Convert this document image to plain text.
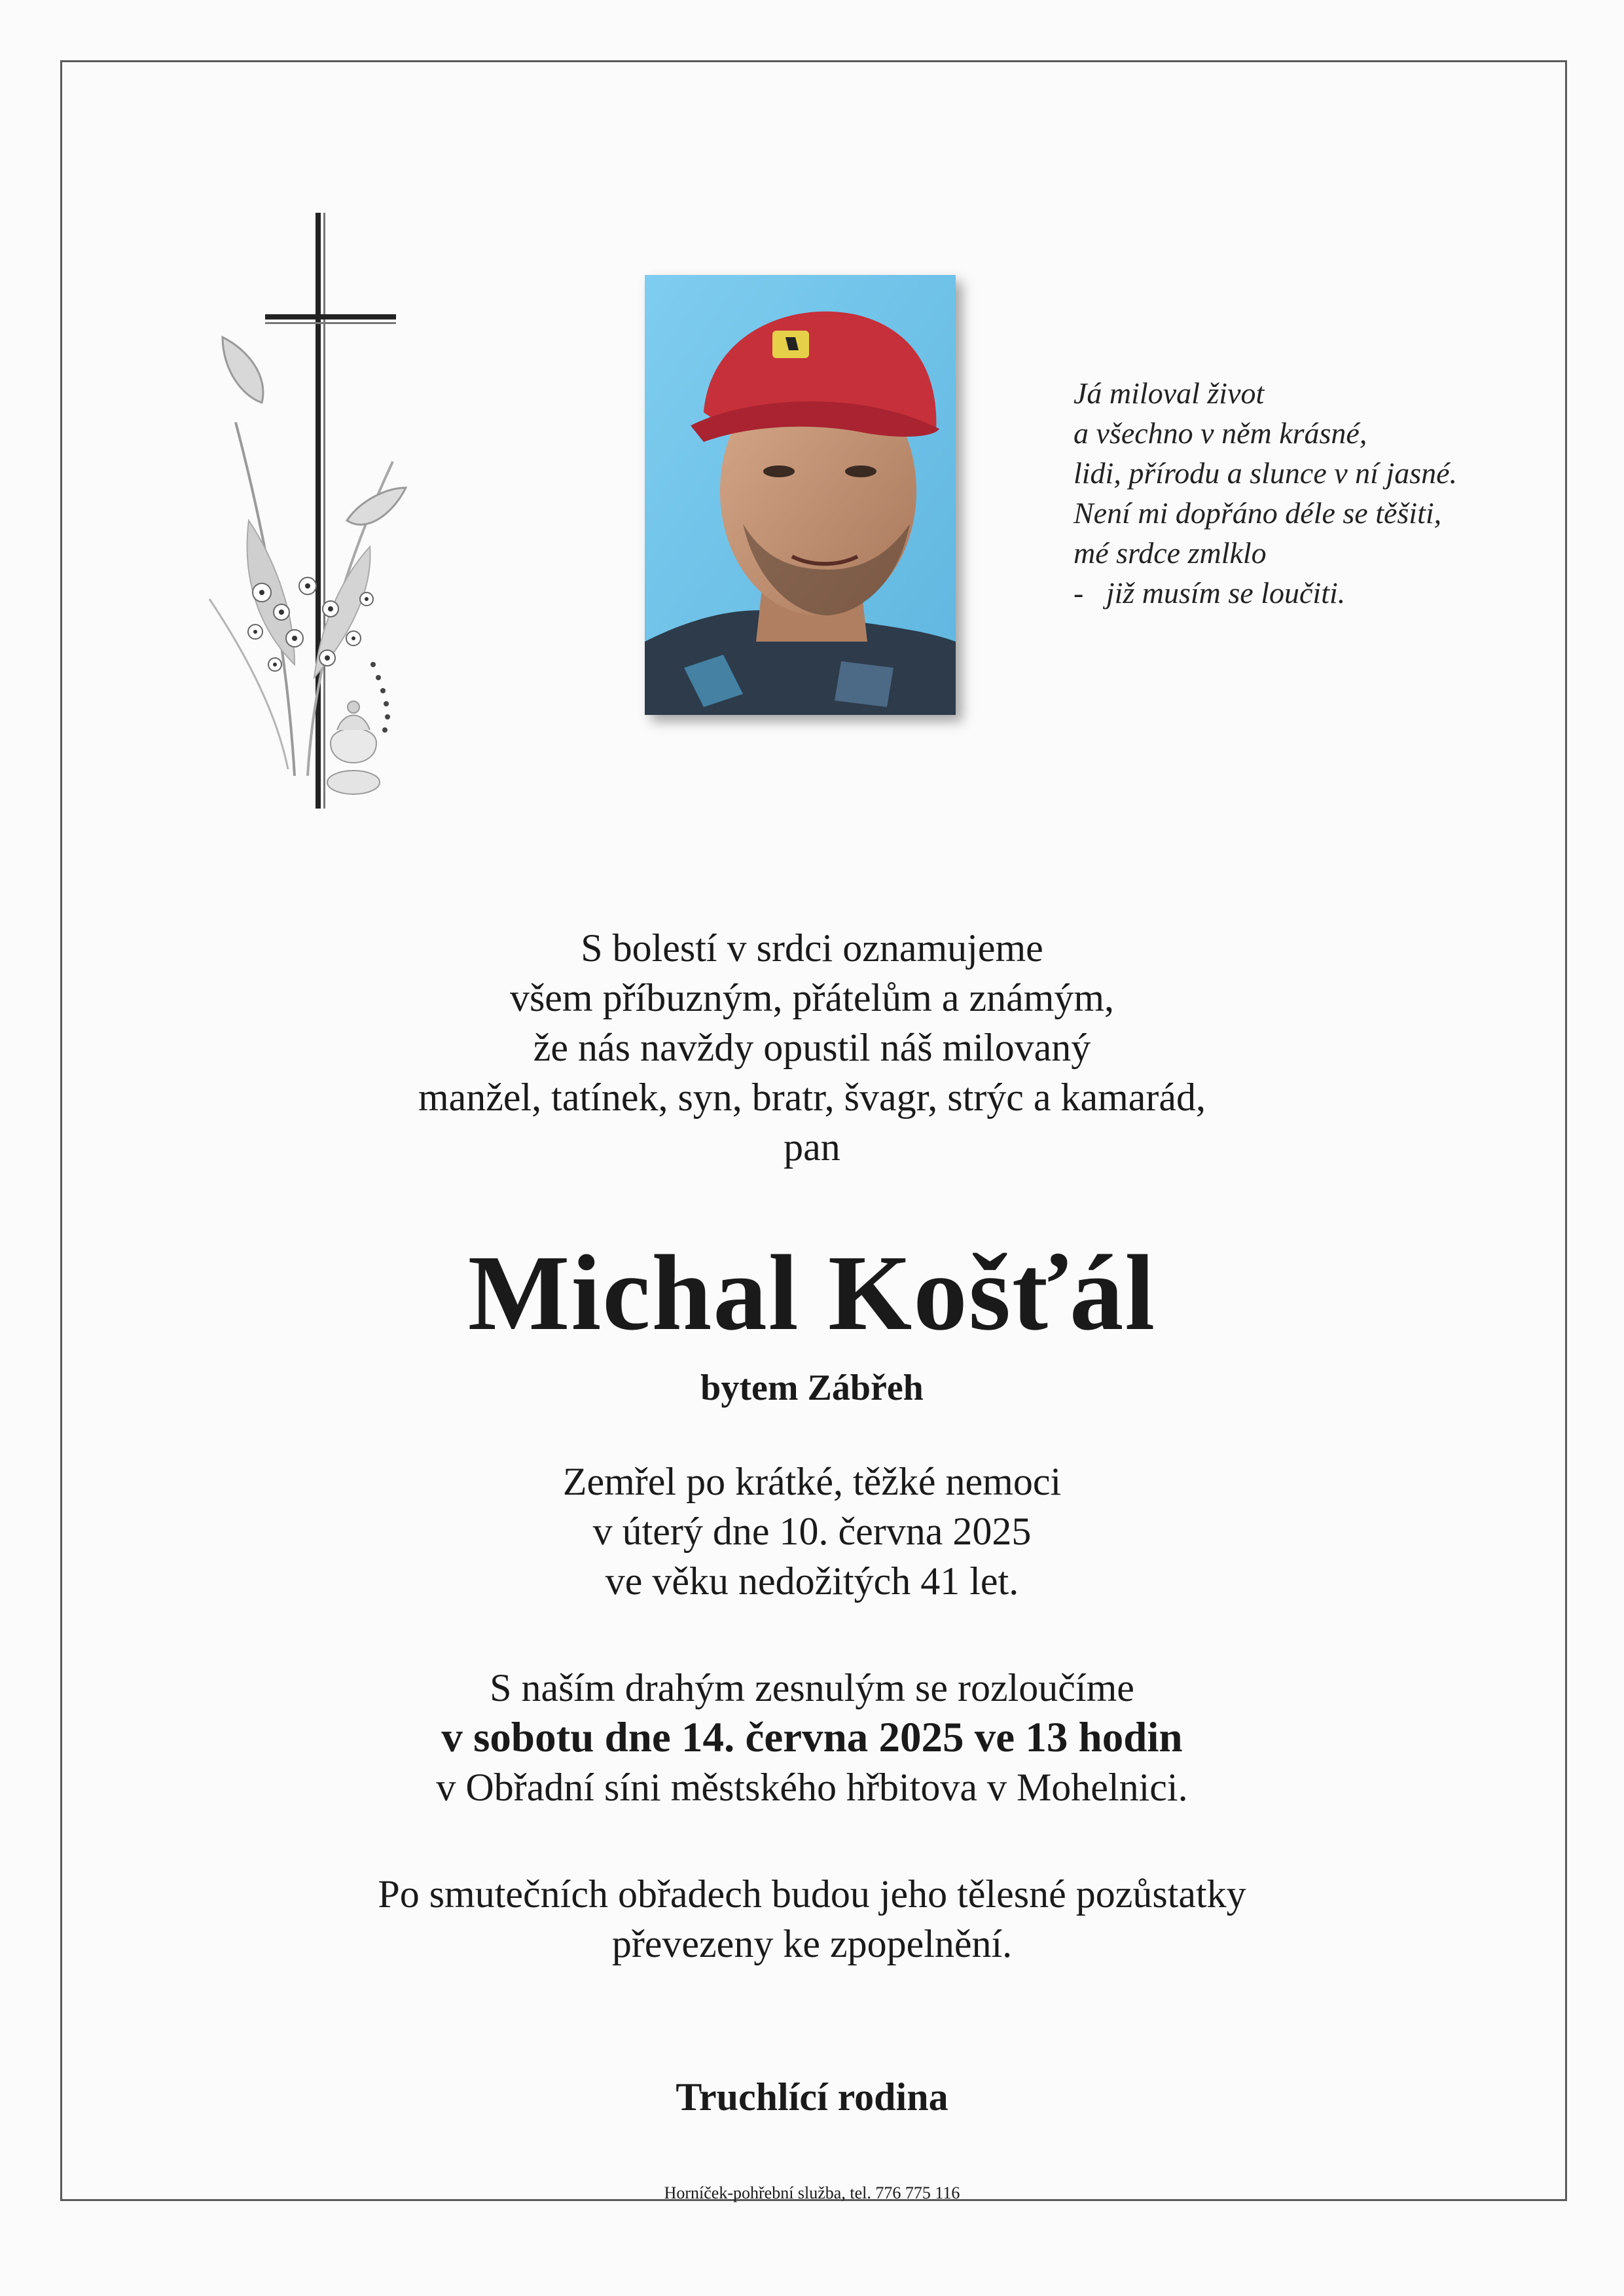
Já miloval život
a všechno v něm krásné,
lidi, přírodu a slunce v ní jasné.
Není mi dopřáno déle se těšiti,
mé srdce zmlklo
-   již musím se loučiti.
S bolestí v srdci oznamujeme
všem příbuzným, přátelům a známým,
že nás navždy opustil náš milovaný
manžel, tatínek, syn, bratr, švagr, strýc a kamarád,
pan
Michal Košťál
bytem Zábřeh
Zemřel po krátké, těžké nemoci
v úterý dne 10. června 2025
ve věku nedožitých 41 let.
S naším drahým zesnulým se rozloučíme
v sobotu dne 14. června 2025 ve 13 hodin
v Obřadní síni městského hřbitova v Mohelnici.
Po smutečních obřadech budou jeho tělesné pozůstatky
převezeny ke zpopelnění.
Truchlící rodina
Horníček-pohřební služba, tel. 776 775 116
